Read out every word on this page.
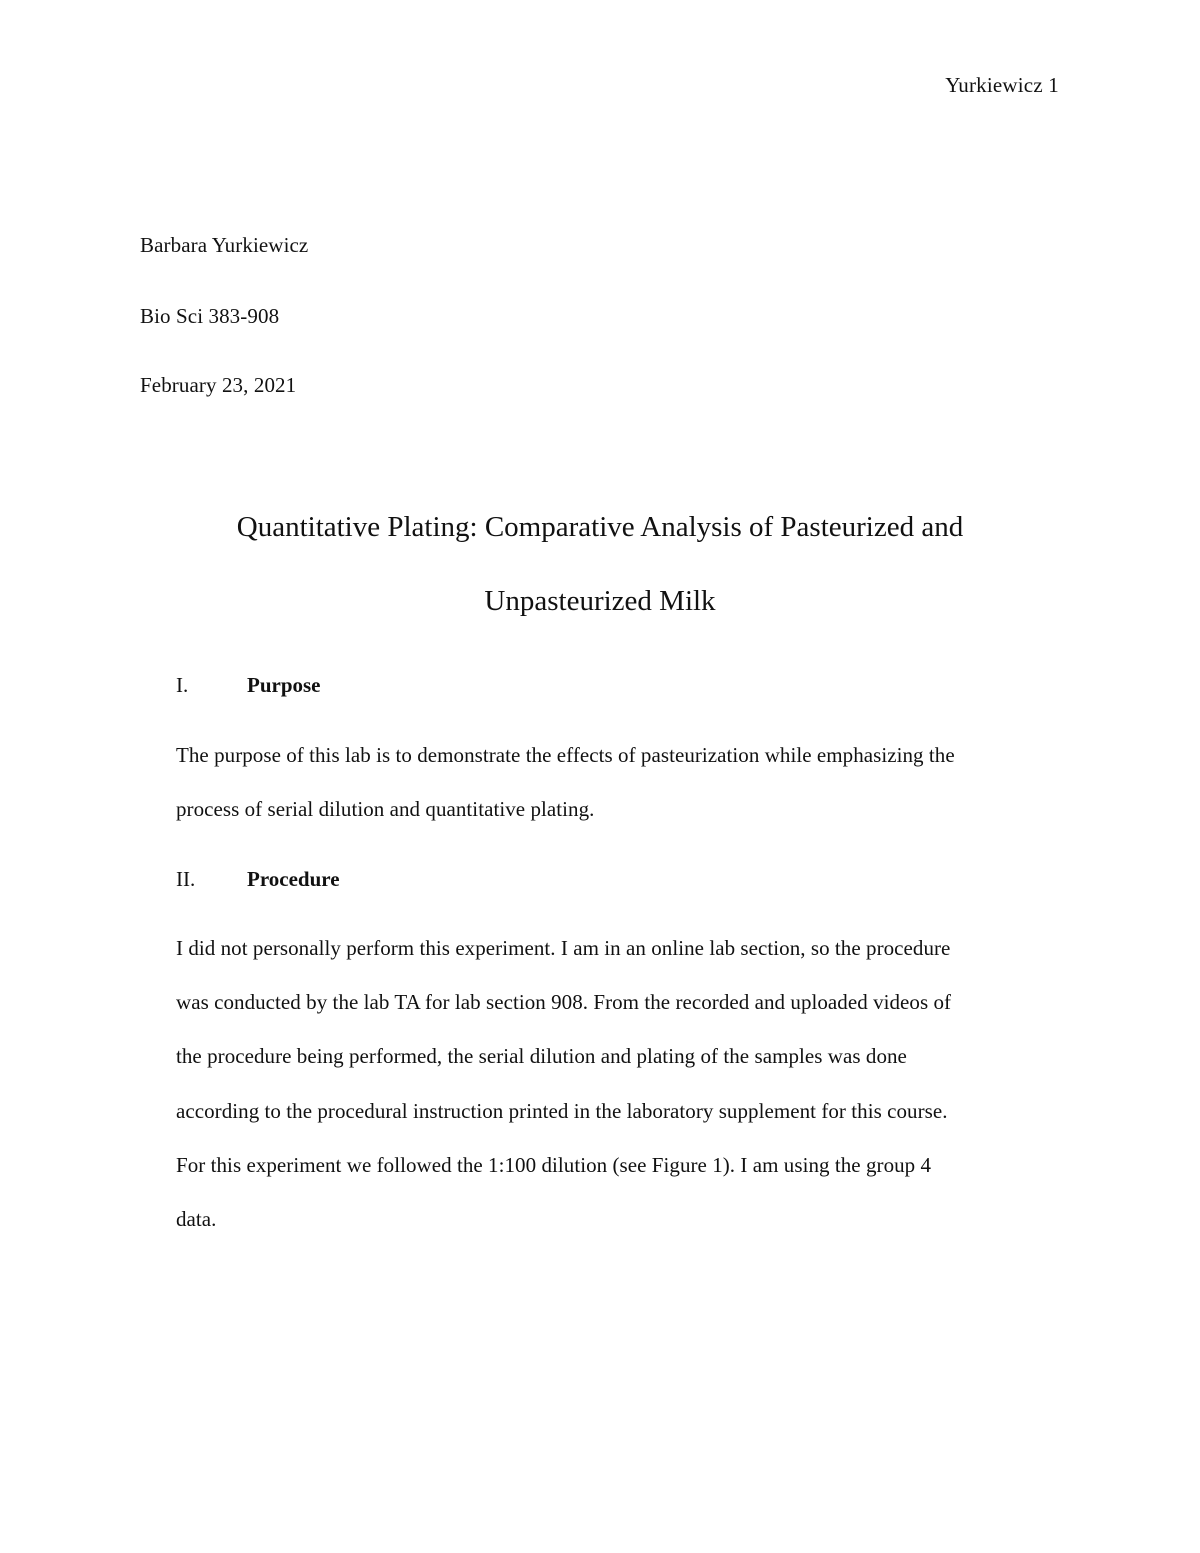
Yurkiewicz 1
Barbara Yurkiewicz
Bio Sci 383-908
February 23, 2021
Quantitative Plating: Comparative Analysis of Pasteurized and
Unpasteurized Milk
I.	Purpose
The purpose of this lab is to demonstrate the effects of pasteurization while emphasizing the
process of serial dilution and quantitative plating.
II. Procedure
I did not personally perform this experiment. I am in an online lab section, so the procedure
was conducted by the lab TA for lab section 908. From the recorded and uploaded videos of
the procedure being performed, the serial dilution and plating of the samples was done
according to the procedural instruction printed in the laboratory supplement for this course.
For this experiment we followed the 1:100 dilution (see Figure 1). I am using the group 4
data.
